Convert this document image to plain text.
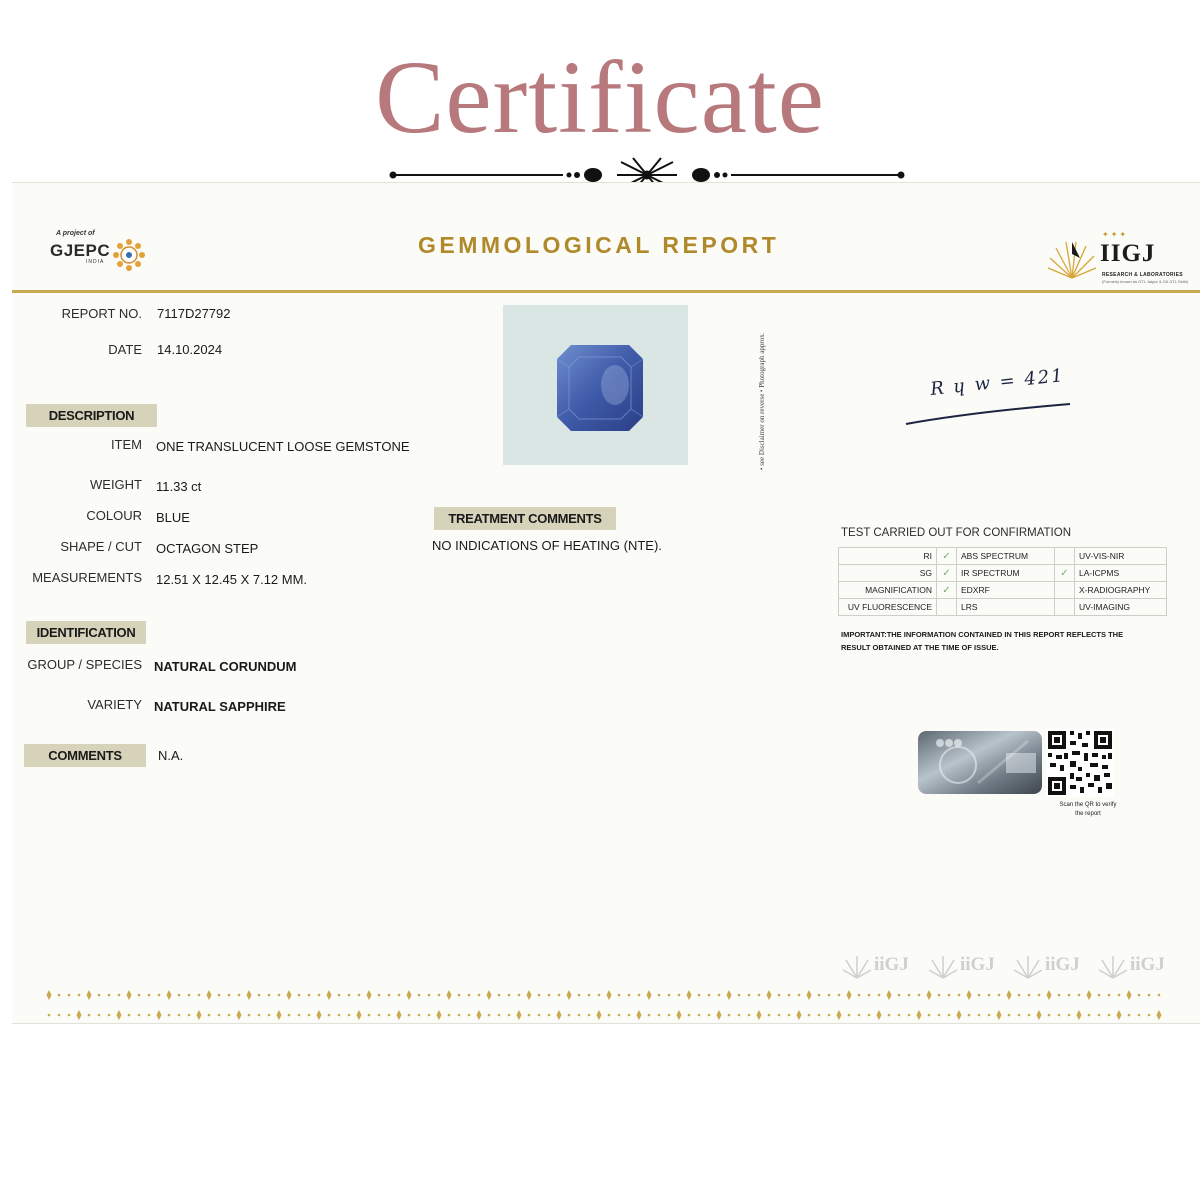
Certificate
A project of
GJEPC
INDIA
GEMMOLOGICAL REPORT	✦✦✦
IIGJ
RESEARCH & LABORATORIES
(Formerly known as GTL Jaipur & GII GTL Delhi)
REPORT NO. 7117D27792
DATE 14.10.2024
DESCRIPTION
ITEM ONE TRANSLUCENT LOOSE GEMSTONE
WEIGHT 11.33 ct
COLOUR BLUE
SHAPE / CUT OCTAGON STEP
MEASUREMENTS 12.51 X 12.45 X 7.12 MM.
IDENTIFICATION
GROUP / SPECIES NATURAL CORUNDUM
VARIETY NATURAL SAPPHIRE
COMMENTS	N.A.
• see Disclaimer on reverse • Photograph approx.	R ɥ w = 421
TREATMENT COMMENTS
NO INDICATIONS OF HEATING (NTE).
TEST CARRIED OUT FOR CONFIRMATION
RI	✓	ABS SPECTRUM		UV-VIS-NIR
SG	✓	IR SPECTRUM	✓	LA-ICPMS
MAGNIFICATION	✓	EDXRF		X-RADIOGRAPHY
UV FLUORESCENCE		LRS		UV-IMAGING
IMPORTANT:THE INFORMATION CONTAINED IN THIS REPORT REFLECTS THE RESULT OBTAINED AT THE TIME OF ISSUE.
Scan the QR to verify the report
iiGJ	iiGJ	iiGJ	iiGJ
